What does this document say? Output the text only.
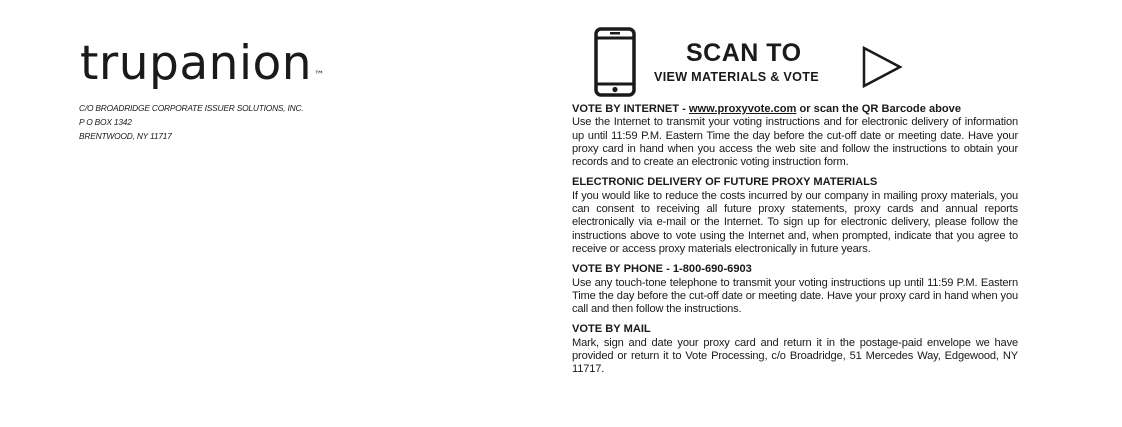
trupanion ™
C/O BROADRIDGE CORPORATE ISSUER SOLUTIONS, INC.
P O BOX 1342
BRENTWOOD, NY 11717
SCAN TO
VIEW MATERIALS & VOTE
VOTE BY INTERNET - www.proxyvote.com or scan the QR Barcode above
Use the Internet to transmit your voting instructions and for electronic delivery of information up until 11:59 P.M. Eastern Time the day before the cut-off date or meeting date. Have your proxy card in hand when you access the web site and follow the instructions to obtain your records and to create an electronic voting instruction form.
ELECTRONIC DELIVERY OF FUTURE PROXY MATERIALS
If you would like to reduce the costs incurred by our company in mailing proxy materials, you can consent to receiving all future proxy statements, proxy cards and annual reports electronically via e-mail or the Internet. To sign up for electronic delivery, please follow the instructions above to vote using the Internet and, when prompted, indicate that you agree to receive or access proxy materials electronically in future years.
VOTE BY PHONE - 1-800-690-6903
Use any touch-tone telephone to transmit your voting instructions up until 11:59 P.M. Eastern Time the day before the cut-off date or meeting date. Have your proxy card in hand when you call and then follow the instructions.
VOTE BY MAIL
Mark, sign and date your proxy card and return it in the postage-paid envelope we have provided or return it to Vote Processing, c/o Broadridge, 51 Mercedes Way, Edgewood, NY 11717.
